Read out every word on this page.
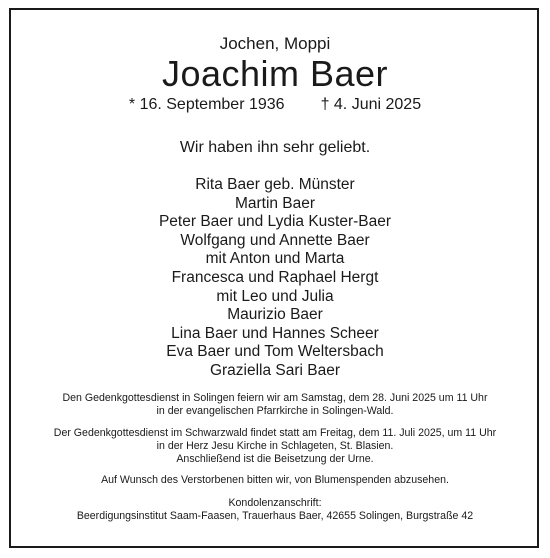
Jochen, Moppi
Joachim Baer
* 16. September 1936 † 4. Juni 2025
Wir haben ihn sehr geliebt.
Rita Baer geb. Münster
Martin Baer
Peter Baer und Lydia Kuster-Baer
Wolfgang und Annette Baer
mit Anton und Marta
Francesca und Raphael Hergt
mit Leo und Julia
Maurizio Baer
Lina Baer und Hannes Scheer
Eva Baer und Tom Weltersbach
Graziella Sari Baer
Den Gedenkgottesdienst in Solingen feiern wir am Samstag, dem 28. Juni 2025 um 11 Uhr
in der evangelischen Pfarrkirche in Solingen-Wald.
Der Gedenkgottesdienst im Schwarzwald findet statt am Freitag, dem 11. Juli 2025, um 11 Uhr
in der Herz Jesu Kirche in Schlageten, St. Blasien.
Anschließend ist die Beisetzung der Urne.
Auf Wunsch des Verstorbenen bitten wir, von Blumenspenden abzusehen.
Kondolenzanschrift:
Beerdigungsinstitut Saam-Faasen, Trauerhaus Baer, 42655 Solingen, Burgstraße 42
